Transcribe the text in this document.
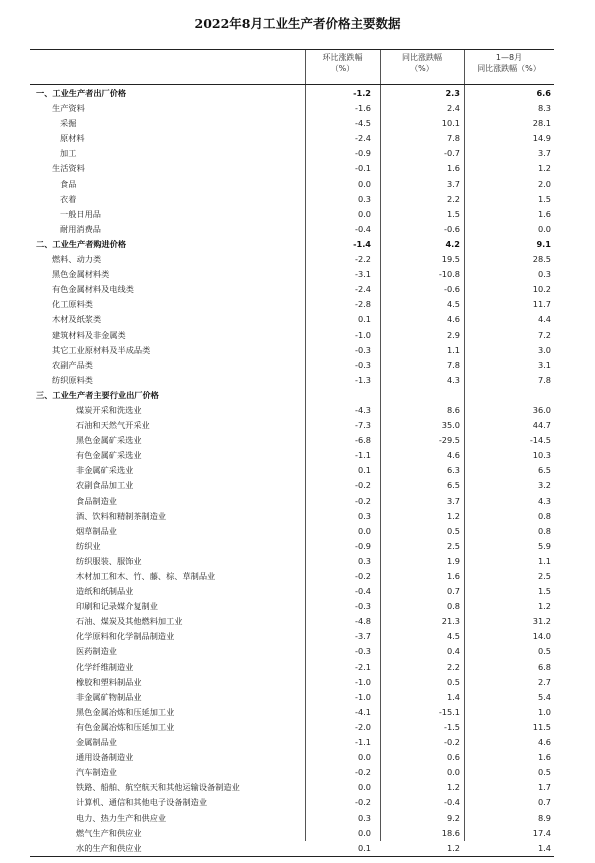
2022年8月工业生产者价格主要数据
环比涨跌幅
（%）
同比涨跌幅
（%）
1—8月
同比涨跌幅（%）
一、工业生产者出厂价格	-1.2	2.3	6.6
生产资料	-1.6	2.4	8.3
采掘	-4.5	10.1	28.1
原材料	-2.4	7.8	14.9
加工	-0.9	-0.7	3.7
生活资料	-0.1	1.6	1.2
食品	0.0	3.7	2.0
衣着	0.3	2.2	1.5
一般日用品	0.0	1.5	1.6
耐用消费品	-0.4	-0.6	0.0
二、工业生产者购进价格	-1.4	4.2	9.1
燃料、动力类	-2.2	19.5	28.5
黑色金属材料类	-3.1	-10.8	0.3
有色金属材料及电线类	-2.4	-0.6	10.2
化工原料类	-2.8	4.5	11.7
木材及纸浆类	0.1	4.6	4.4
建筑材料及非金属类	-1.0	2.9	7.2
其它工业原材料及半成品类	-0.3	1.1	3.0
农副产品类	-0.3	7.8	3.1
纺织原料类	-1.3	4.3	7.8
三、工业生产者主要行业出厂价格
煤炭开采和洗选业	-4.3	8.6	36.0
石油和天然气开采业	-7.3	35.0	44.7
黑色金属矿采选业	-6.8	-29.5	-14.5
有色金属矿采选业	-1.1	4.6	10.3
非金属矿采选业	0.1	6.3	6.5
农副食品加工业	-0.2	6.5	3.2
食品制造业	-0.2	3.7	4.3
酒、饮料和精制茶制造业	0.3	1.2	0.8
烟草制品业	0.0	0.5	0.8
纺织业	-0.9	2.5	5.9
纺织服装、服饰业	0.3	1.9	1.1
木材加工和木、竹、藤、棕、草制品业	-0.2	1.6	2.5
造纸和纸制品业	-0.4	0.7	1.5
印刷和记录媒介复制业	-0.3	0.8	1.2
石油、煤炭及其他燃料加工业	-4.8	21.3	31.2
化学原料和化学制品制造业	-3.7	4.5	14.0
医药制造业	-0.3	0.4	0.5
化学纤维制造业	-2.1	2.2	6.8
橡胶和塑料制品业	-1.0	0.5	2.7
非金属矿物制品业	-1.0	1.4	5.4
黑色金属冶炼和压延加工业	-4.1	-15.1	1.0
有色金属冶炼和压延加工业	-2.0	-1.5	11.5
金属制品业	-1.1	-0.2	4.6
通用设备制造业	0.0	0.6	1.6
汽车制造业	-0.2	0.0	0.5
铁路、船舶、航空航天和其他运输设备制造业	0.0	1.2	1.7
计算机、通信和其他电子设备制造业	-0.2	-0.4	0.7
电力、热力生产和供应业	0.3	9.2	8.9
燃气生产和供应业	0.0	18.6	17.4
水的生产和供应业	0.1	1.2	1.4
